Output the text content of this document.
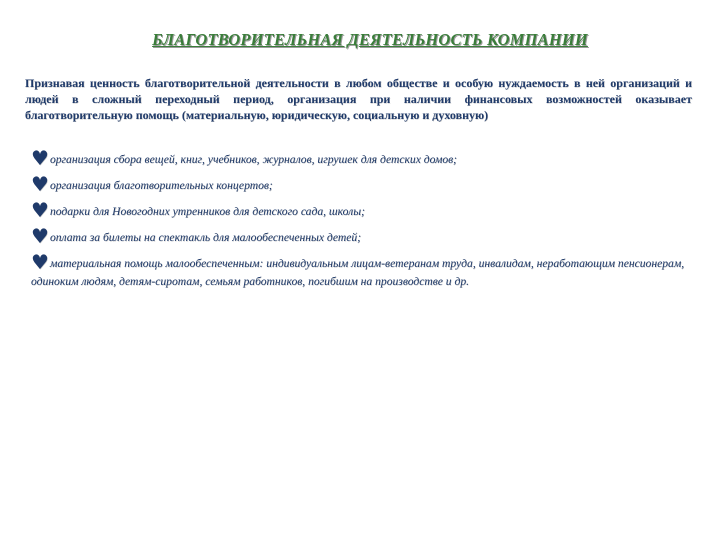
БЛАГОТВОРИТЕЛЬНАЯ ДЕЯТЕЛЬНОСТЬ КОМПАНИИ
Признавая ценность благотворительной деятельности в любом обществе и особую нуждаемость в ней организаций и людей в сложный переходный период, организация при наличии финансовых возможностей оказывает благотворительную помощь (материальную, юридическую, социальную и духовную)
♥организация сбора вещей, книг, учебников, журналов, игрушек для детских домов;
♥организация благотворительных концертов;
♥подарки для Новогодних утренников для детского сада, школы;
♥оплата за билеты на спектакль для малообеспеченных детей;
♥материальная помощь малообеспеченным: индивидуальным лицам-ветеранам труда, инвалидам, неработающим пенсионерам, одиноким людям, детям-сиротам, семьям работников, погибшим на производстве и др.
